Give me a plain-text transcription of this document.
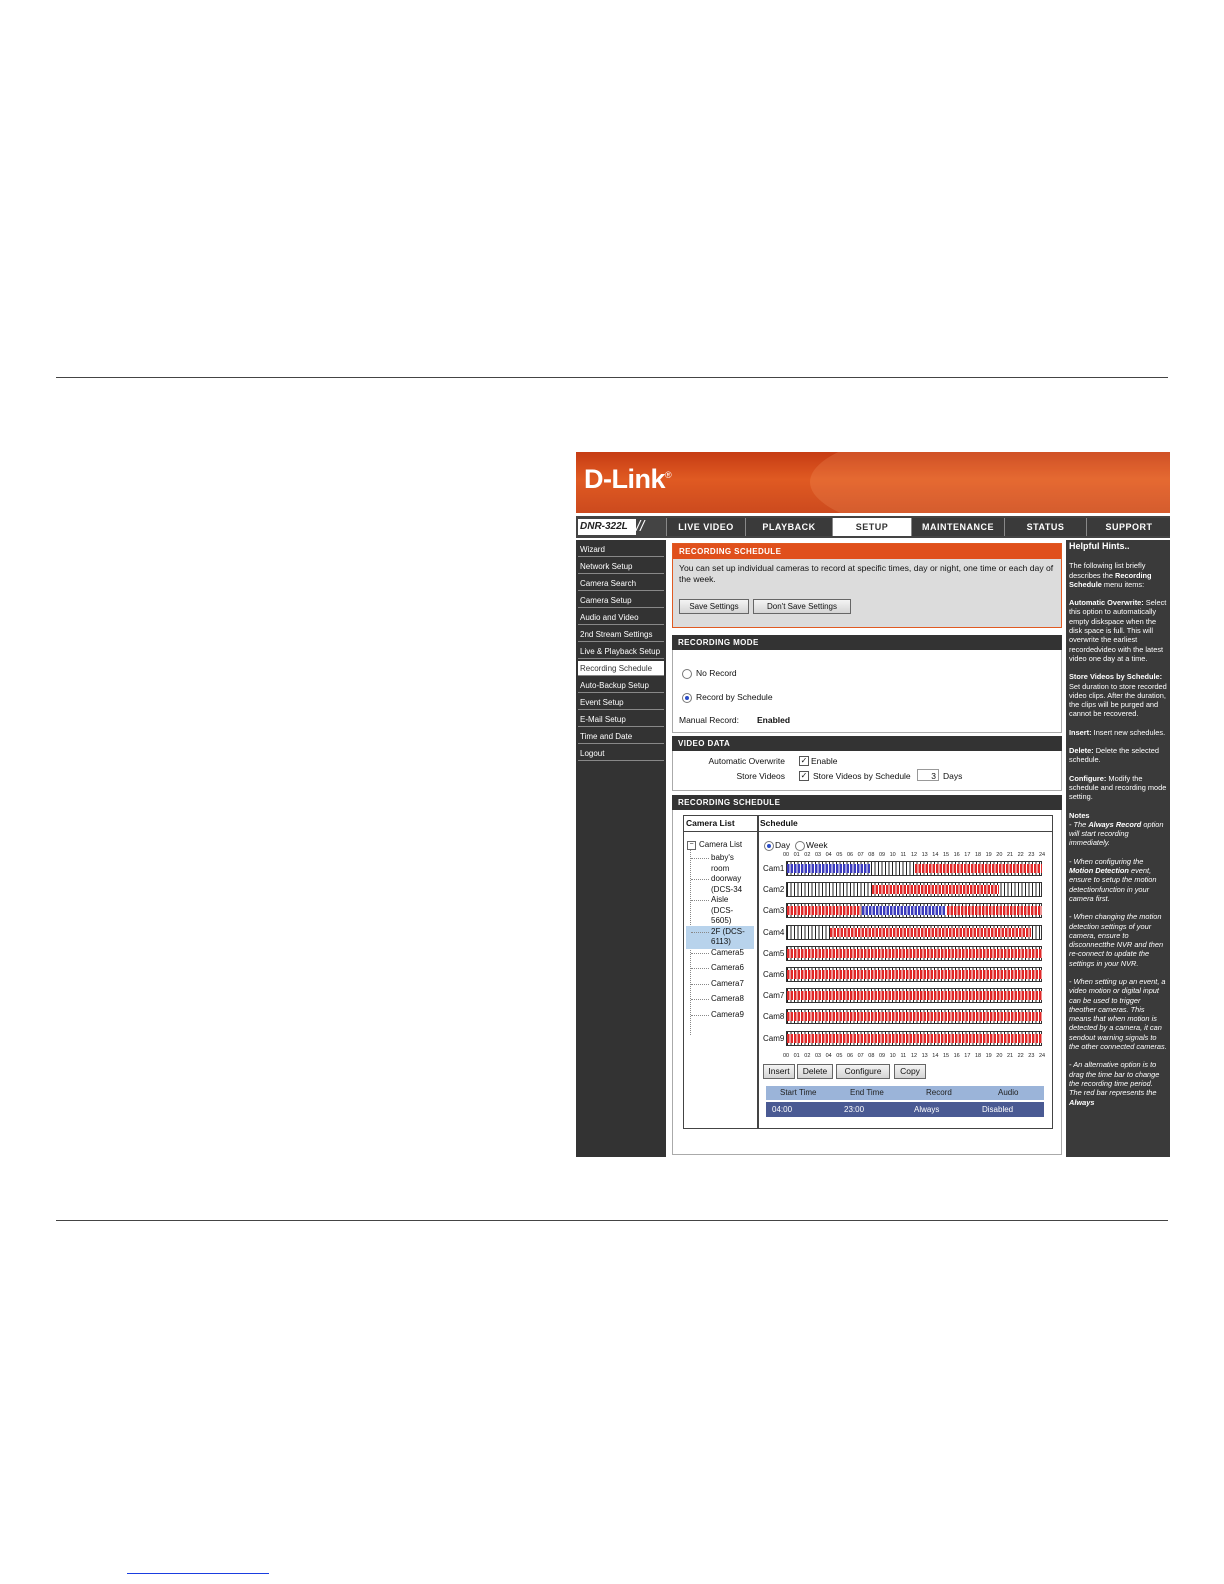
D-Link®
DNR-322L //	LIVE VIDEO	PLAYBACK	SETUP	MAINTENANCE	STATUS	SUPPORT
Wizard
Network Setup
Camera Search
Camera Setup
Audio and Video
2nd Stream Settings
Live & Playback Setup
Recording Schedule
Auto-Backup Setup
Event Setup
E-Mail Setup
Time and Date
Logout
RECORDING SCHEDULE
You can set up individual cameras to record at specific times, day or night, one time or each day of the week.
Save Settings	Don't Save Settings
RECORDING MODE
No Record
Record by Schedule
Manual Record: Enabled
VIDEO DATA
Automatic Overwrite ✓ Enable
Store Videos ✓ Store Videos by Schedule	3 Days
RECORDING SCHEDULE
Camera List	Schedule
− Camera List
baby's
room
doorway
(DCS-34
Aisle
(DCS-
5605)
2F (DCS-
6113)
Camera5
Camera6
Camera7
Camera8
Camera9
Day Week
00 01 02 03 04 05 06 07 08 09 10 11 12 13 14 15 16 17 18 19 20 21 22 23 24
Cam1
Cam2
Cam3
Cam4
Cam5
Cam6
Cam7
Cam8
Cam9
00 01 02 03 04 05 06 07 08 09 10 11 12 13 14 15 16 17 18 19 20 21 22 23 24
Insert	Delete	Configure	Copy
Start Time	End Time	Record	Audio
04:00	23:00	Always	Disabled
Helpful Hints..

The following list briefly describes the Recording Schedule menu items:

Automatic Overwrite: Select this option to automatically empty diskspace when the disk space is full. This will overwrite the earliest recordedvideo with the latest video one day at a time.

Store Videos by Schedule: Set duration to store recorded video clips. After the duration, the clips will be purged and cannot be recovered.

Insert: Insert new schedules.

Delete: Delete the selected schedule.

Configure: Modify the schedule and recording mode setting.

Notes

- The Always Record option will start recording immediately.

- When configuring the Motion Detection event, ensure to setup the motion detectionfunction in your camera first.

- When changing the motion detection settings of your camera, ensure to disconnectthe NVR and then re-connect to update the settings in your NVR.

- When setting up an event, a video motion or digital input can be used to trigger theother cameras. This means that when motion is detected by a camera, it can sendout warning signals to the other connected cameras.

- An alternative option is to drag the time bar to change the recording time period. The red bar represents the Always
